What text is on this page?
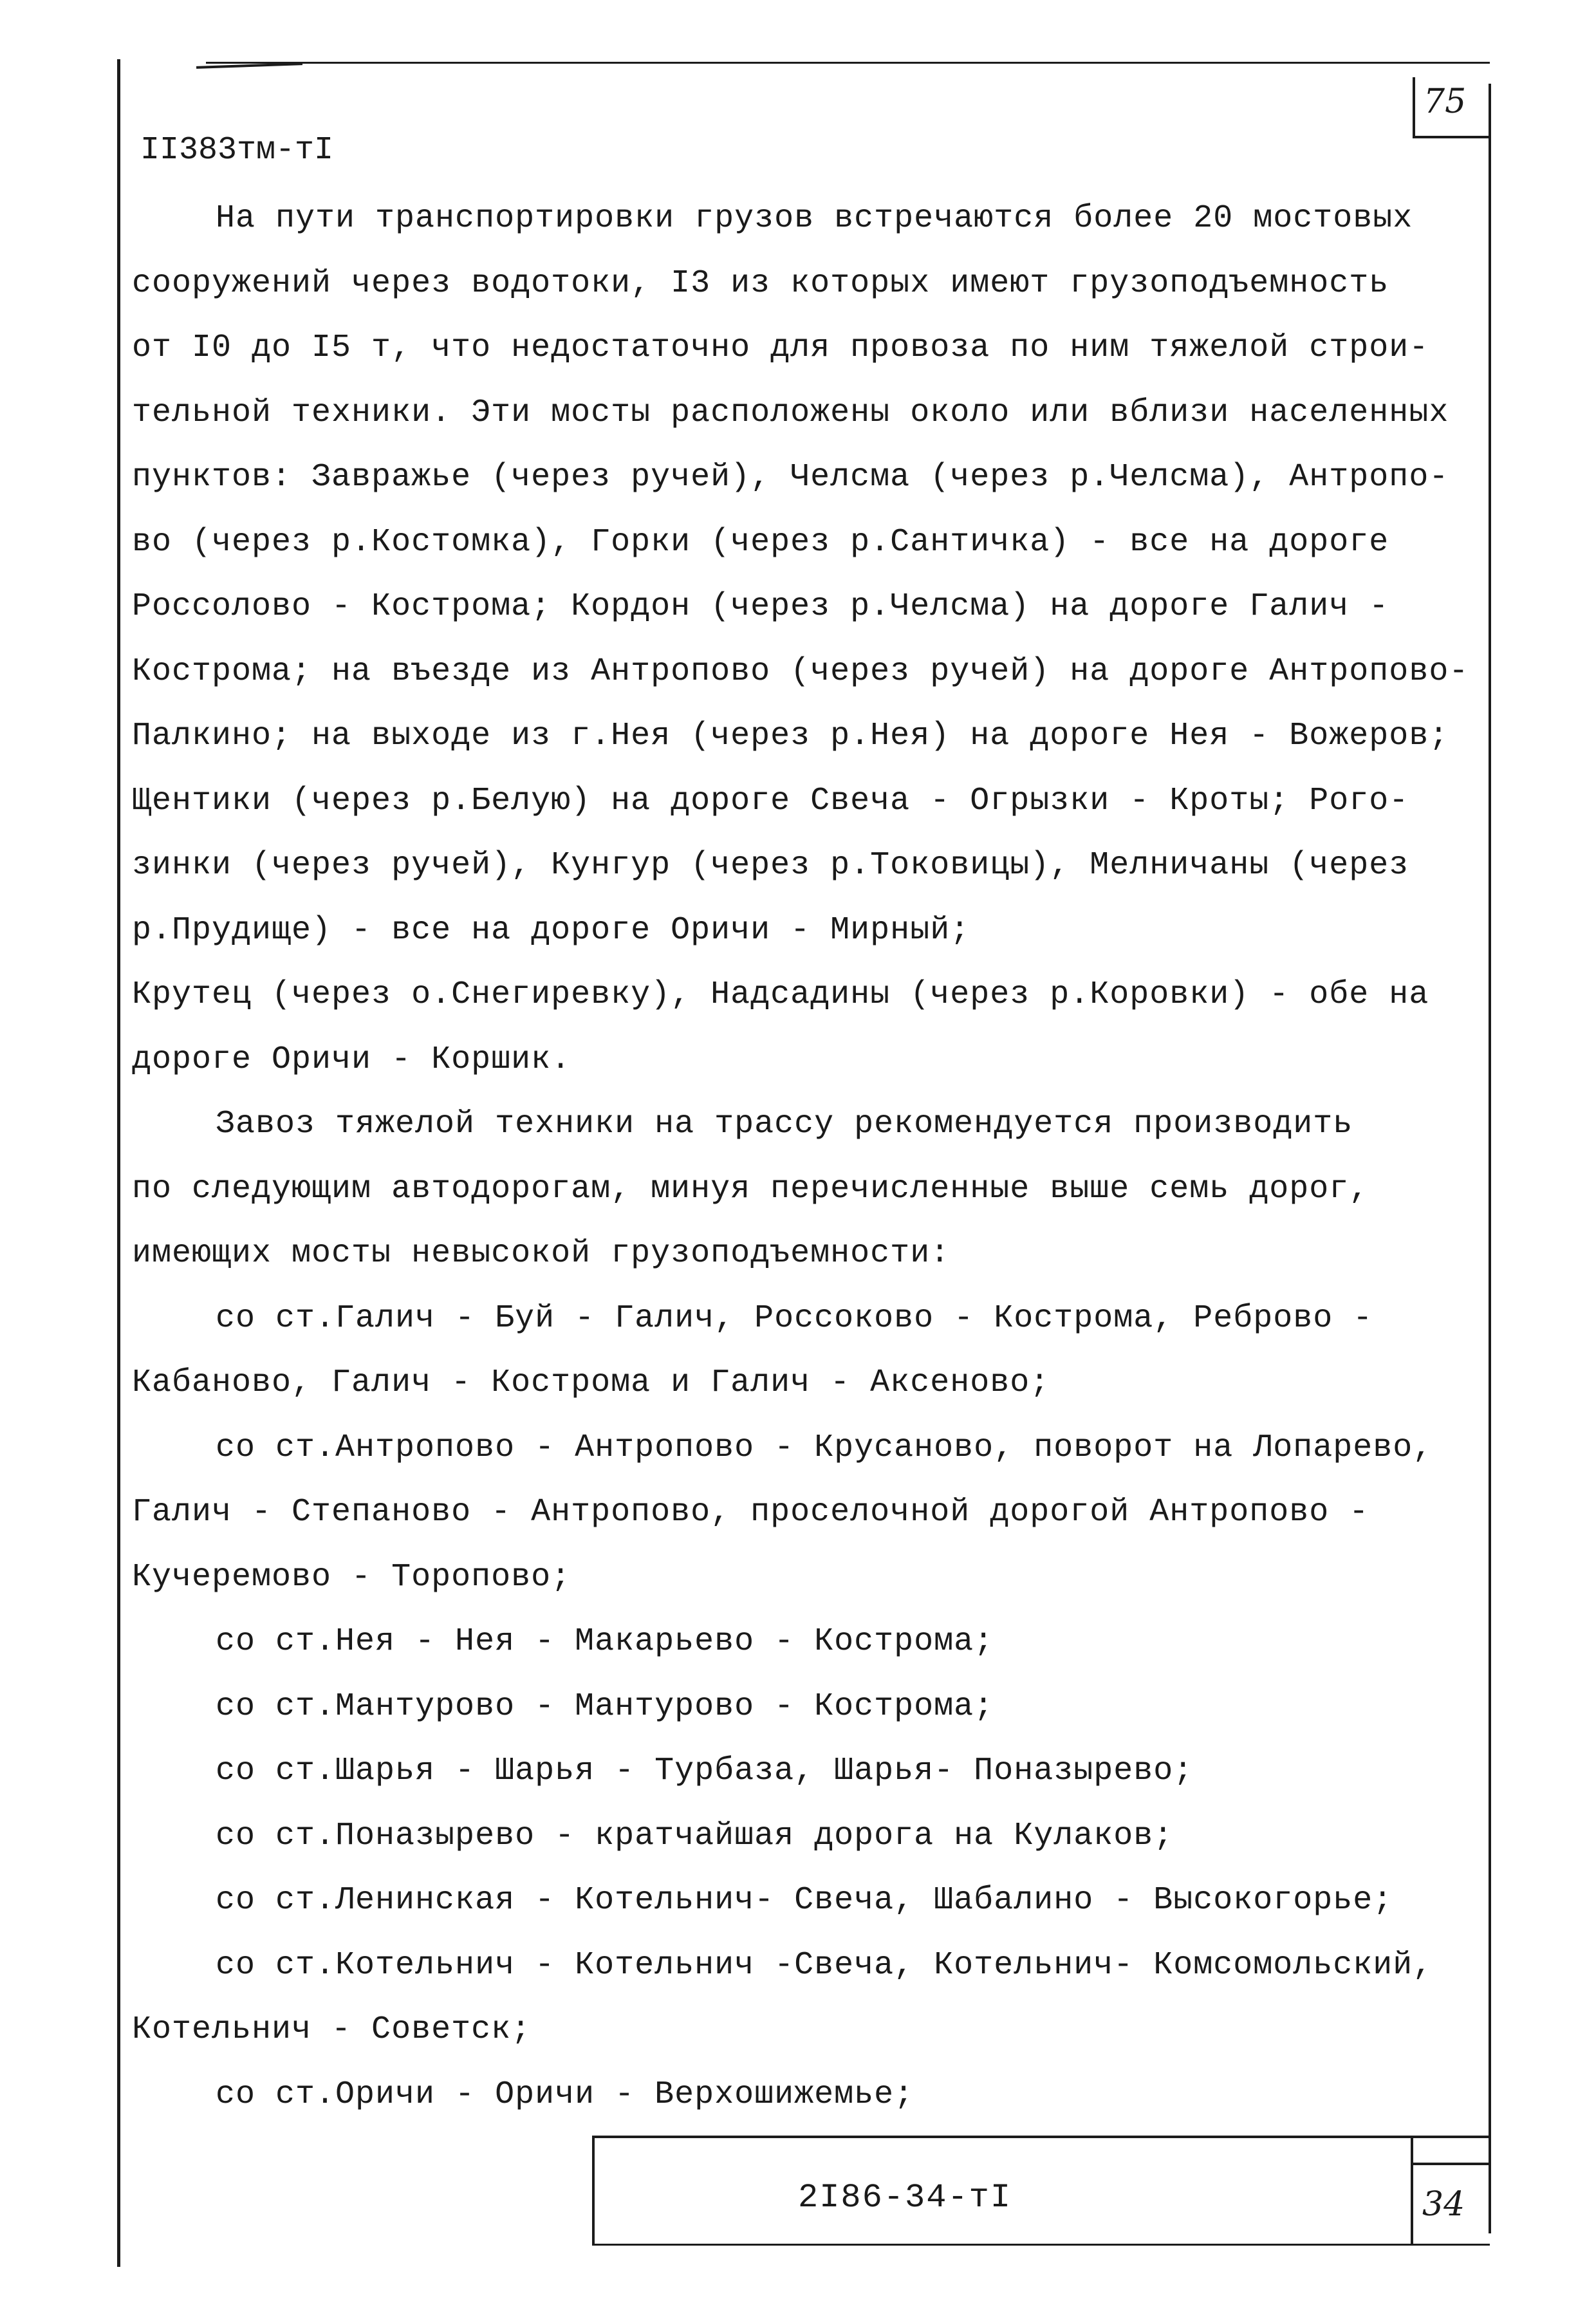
75
II383тм-тI
На пути транспортировки грузов встречаются более 20 мостовых
сооружений через водотоки, I3 из которых имеют грузоподъемность
от I0 до I5 т, что недостаточно для провоза по ним тяжелой строи-
тельной техники. Эти мосты расположены около или вблизи населенных
пунктов: Завражье (через ручей), Челсма (через р.Челсма), Антропо-
во (через р.Костомка), Горки (через р.Сантичка) - все на дороге
Россолово - Кострома; Кордон (через р.Челсма) на дороге Галич -
Кострома; на въезде из Антропово (через ручей) на дороге Антропово-
Палкино; на выходе из г.Нея (через р.Нея) на дороге Нея - Вожеров;
Щентики (через р.Белую) на дороге Свеча - Огрызки - Кроты; Рого-
зинки (через ручей), Кунгур (через р.Токовицы), Мелничаны (через
р.Прудище) - все на дороге Оричи - Мирный;
Крутец (через о.Снегиревку), Надсадины (через р.Коровки) - обе на
дороге Оричи - Коршик.
Завоз тяжелой техники на трассу рекомендуется производить
по следующим автодорогам, минуя перечисленные выше семь дорог,
имеющих мосты невысокой грузоподъемности:
со ст.Галич - Буй - Галич, Россоково - Кострома, Реброво -
Кабаново, Галич - Кострома и Галич - Аксеново;
со ст.Антропово - Антропово - Крусаново, поворот на Лопарево,
Галич - Степаново - Антропово, проселочной дорогой Антропово -
Кучеремово - Торопово;
со ст.Нея - Нея - Макарьево - Кострома;
со ст.Мантурово - Мантурово - Кострома;
со ст.Шарья - Шарья - Турбаза, Шарья- Поназырево;
со ст.Поназырево - кратчайшая дорога на Кулаков;
со ст.Ленинская - Котельнич- Свеча, Шабалино - Высокогорье;
со ст.Котельнич - Котельнич -Свеча, Котельнич- Комсомольский,
Котельнич - Советск;
со ст.Оричи - Оричи - Верхошижемье;
2I86-34-тI	34
